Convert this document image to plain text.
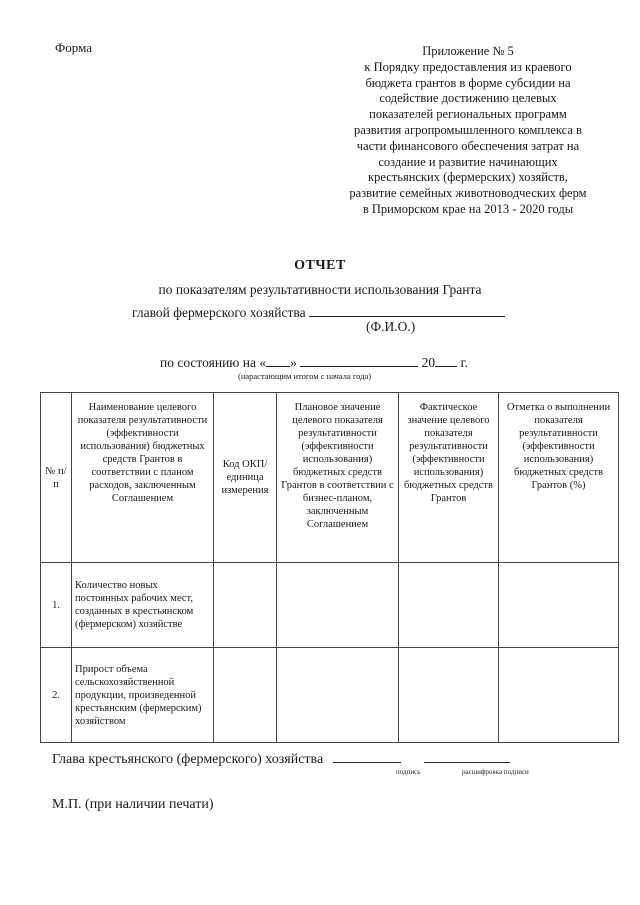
Форма	Приложение № 5
к Порядку предоставления из краевого
бюджета грантов в форме субсидии на
содействие достижению целевых
показателей региональных программ
развития агропромышленного комплекса в
части финансового обеспечения затрат на
создание и развитие начинающих
крестьянских (фермерских) хозяйств,
развитие семейных животноводческих ферм
в Приморском крае на 2013 - 2020 годы
ОТЧЕТ
по показателям результативности использования Гранта
главой фермерского хозяйства
(Ф.И.О.)
по состоянию на « »	20 г.
(нарастающим итогом с начала года)
№ п/п	Наименование целевого показателя результативности (эффективности использования) бюджетных средств Грантов в соответствии с планом расходов, заключенным Соглашением	Код ОКП/ единица измерения	Плановое значение целевого показателя результативности (эффективности использования) бюджетных средств Грантов в соответствии с бизнес-планом, заключенным Соглашением	Фактическое значение целевого показателя результативности (эффективности использования) бюджетных средств Грантов	Отметка о выполнении показателя результативности (эффективности использования) бюджетных средств Грантов (%)
1.	Количество новых постоянных рабочих мест, созданных в крестьянском (фермерском) хозяйстве				
2.	Прирост объема сельскохозяйственной продукции, произведенной крестьянским (фермерским) хозяйством				
Глава крестьянского (фермерского) хозяйства
подпись	расшифровка подписи
М.П. (при наличии печати)
